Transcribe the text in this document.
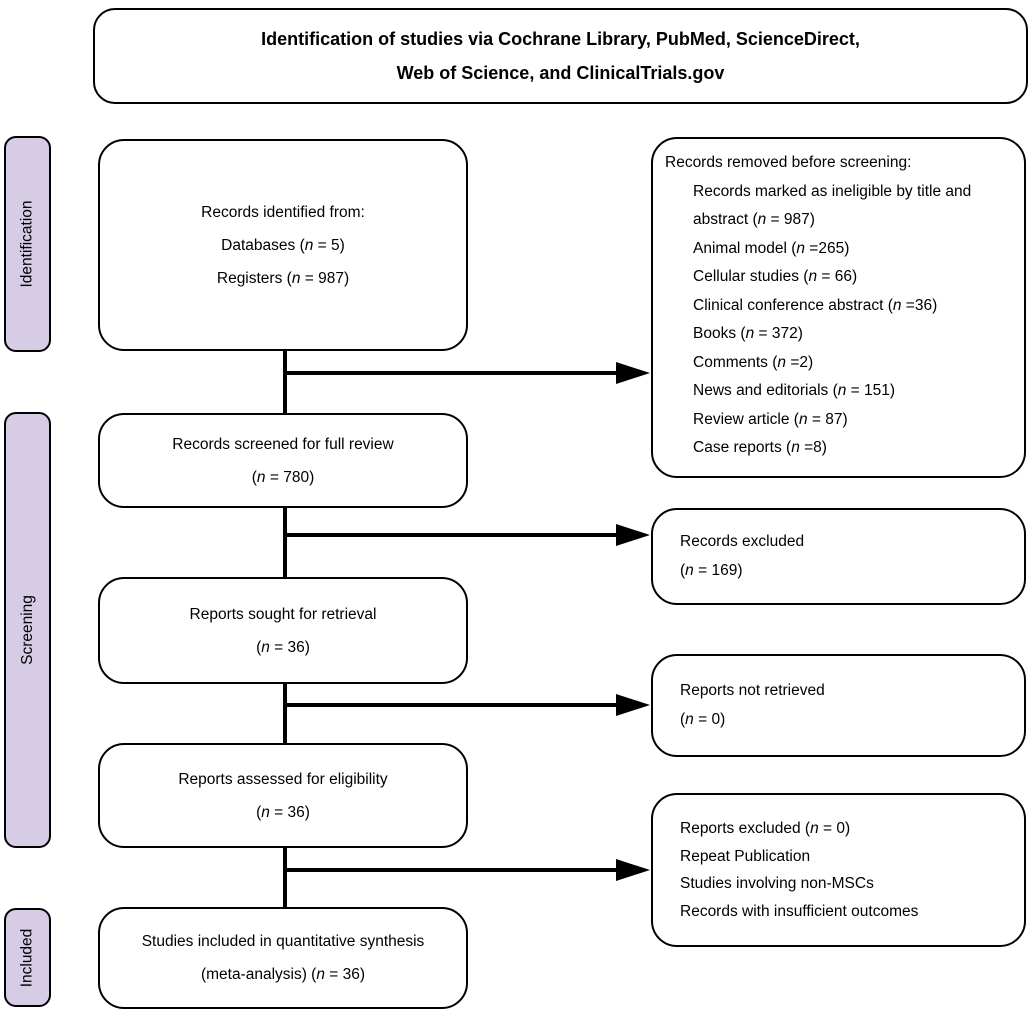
Identification of studies via Cochrane Library, PubMed, ScienceDirect,
Web of Science, and ClinicalTrials.gov
Identification
Screening
Included
Records identified from:
Databases (n = 5)
Registers (n = 987)
Records screened for full review
(n = 780)
Reports sought for retrieval
(n = 36)
Reports assessed for eligibility
(n = 36)
Studies included in quantitative synthesis
(meta-analysis) (n = 36)
Records removed before screening:
Records marked as ineligible by title and abstract (n = 987)
Animal model (n =265)
Cellular studies (n = 66)
Clinical conference abstract (n =36)
Books (n = 372)
Comments (n =2)
News and editorials (n = 151)
Review article (n = 87)
Case reports (n =8)
Records excluded
(n = 169)
Reports not retrieved
(n = 0)
Reports excluded (n = 0)
Repeat Publication
Studies involving non-MSCs
Records with insufficient outcomes
